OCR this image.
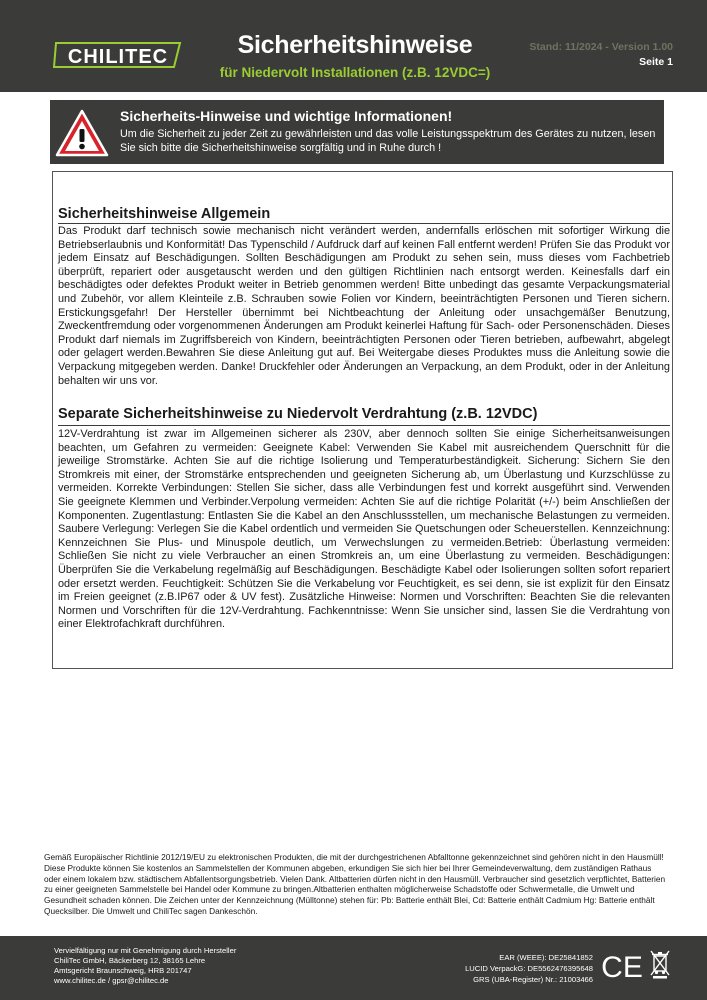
CHILITEC	Sicherheitshinweise
für Niedervolt Installationen (z.B. 12VDC=)
Stand: 11/2024 - Version 1.00
Seite 1
Sicherheits-Hinweise und wichtige Informationen!
Um die Sicherheit zu jeder Zeit zu gewährleisten und das volle Leistungsspektrum des Gerätes zu nutzen, lesen Sie sich bitte die Sicherheitshinweise sorgfältig und in Ruhe durch !
Sicherheitshinweise Allgemein
Das Produkt darf technisch sowie mechanisch nicht verändert werden, andernfalls erlöschen mit sofortiger Wirkung die Betriebserlaubnis und Konformität! Das Typenschild / Aufdruck darf auf keinen Fall entfernt werden! Prüfen Sie das Produkt vor jedem Einsatz auf Beschädigungen. Sollten Beschädigungen am Produkt zu sehen sein, muss dieses vom Fachbetrieb überprüft, repariert oder ausgetauscht werden und den gültigen Richtlinien nach entsorgt werden. Keinesfalls darf ein beschädigtes oder defektes Produkt weiter in Betrieb genommen werden! Bitte unbedingt das gesamte Verpackungsmaterial und Zubehör, vor allem Kleinteile z.B. Schrauben sowie Folien vor Kindern, beeinträchtigten Personen und Tieren sichern. Erstickungsgefahr! Der Hersteller übernimmt bei Nichtbeachtung der Anleitung oder unsachgemäßer Benutzung, Zweckentfremdung oder vorgenommenen Änderungen am Produkt keinerlei Haftung für Sach- oder Personenschäden. Dieses Produkt darf niemals im Zugriffsbereich von Kindern, beeinträchtigten Personen oder Tieren betrieben, aufbewahrt, abgelegt oder gelagert werden.Bewahren Sie diese Anleitung gut auf. Bei Weitergabe dieses Produktes muss die Anleitung sowie die Verpackung mitgegeben werden. Danke! Druckfehler oder Änderungen an Verpackung, an dem Produkt, oder in der Anleitung behalten wir uns vor.
Separate Sicherheitshinweise zu Niedervolt Verdrahtung (z.B. 12VDC)
12V-Verdrahtung ist zwar im Allgemeinen sicherer als 230V, aber dennoch sollten Sie einige Sicherheitsanweisungen beachten, um Gefahren zu vermeiden: Geeignete Kabel: Verwenden Sie Kabel mit ausreichendem Querschnitt für die jeweilige Stromstärke. Achten Sie auf die richtige Isolierung und Temperaturbeständigkeit. Sicherung: Sichern Sie den Stromkreis mit einer, der Stromstärke entsprechenden und geeigneten Sicherung ab, um Überlastung und Kurzschlüsse zu vermeiden. Korrekte Verbindungen: Stellen Sie sicher, dass alle Verbindungen fest und korrekt ausgeführt sind. Verwenden Sie geeignete Klemmen und Verbinder.Verpolung vermeiden: Achten Sie auf die richtige Polarität (+/-) beim Anschließen der Komponenten. Zugentlastung: Entlasten Sie die Kabel an den Anschlussstellen, um mechanische Belastungen zu vermeiden. Saubere Verlegung: Verlegen Sie die Kabel ordentlich und vermeiden Sie Quetschungen oder Scheuerstellen. Kennzeichnung: Kennzeichnen Sie Plus- und Minuspole deutlich, um Verwechslungen zu vermeiden.Betrieb: Überlastung vermeiden: Schließen Sie nicht zu viele Verbraucher an einen Stromkreis an, um eine Überlastung zu vermeiden. Beschädigungen: Überprüfen Sie die Verkabelung regelmäßig auf Beschädigungen. Beschädigte Kabel oder Isolierungen sollten sofort repariert oder ersetzt werden. Feuchtigkeit: Schützen Sie die Verkabelung vor Feuchtigkeit, es sei denn, sie ist explizit für den Einsatz im Freien geeignet (z.B.IP67 oder & UV fest). Zusätzliche Hinweise: Normen und Vorschriften: Beachten Sie die relevanten Normen und Vorschriften für die 12V-Verdrahtung. Fachkenntnisse: Wenn Sie unsicher sind, lassen Sie die Verdrahtung von einer Elektrofachkraft durchführen.
Gemäß Europäischer Richtlinie 2012/19/EU zu elektronischen Produkten, die mit der durchgestrichenen Abfalltonne gekennzeichnet sind gehören nicht in den Hausmüll! Diese Produkte können Sie kostenlos an Sammelstellen der Kommunen abgeben, erkundigen Sie sich hier bei Ihrer Gemeindeverwaltung, dem zuständigen Rathaus oder einem lokalem bzw. städtischem Abfallentsorgungsbetrieb. Vielen Dank. Altbatterien dürfen nicht in den Hausmüll. Verbraucher sind gesetzlich verpflichtet, Batterien zu einer geeigneten Sammelstelle bei Handel oder Kommune zu bringen.Altbatterien enthalten möglicherweise Schadstoffe oder Schwermetalle, die Umwelt und Gesundheit schaden können. Die Zeichen unter der Kennzeichnung (Mülltonne) stehen für: Pb: Batterie enthält Blei, Cd: Batterie enthält Cadmium Hg: Batterie enthält Quecksilber. Die Umwelt und ChiliTec sagen Dankeschön.
Vervielfältigung nur mit Genehmigung durch Hersteller
ChiliTec GmbH, Bäckerberg 12, 38165 Lehre
Amtsgericht Braunschweig, HRB 201747
www.chilitec.de / gpsr@chilitec.de
EAR (WEEE): DE25841852
LUCID VerpackG: DE5562476395648
GRS (UBA-Register) Nr.: 21003466 CE
